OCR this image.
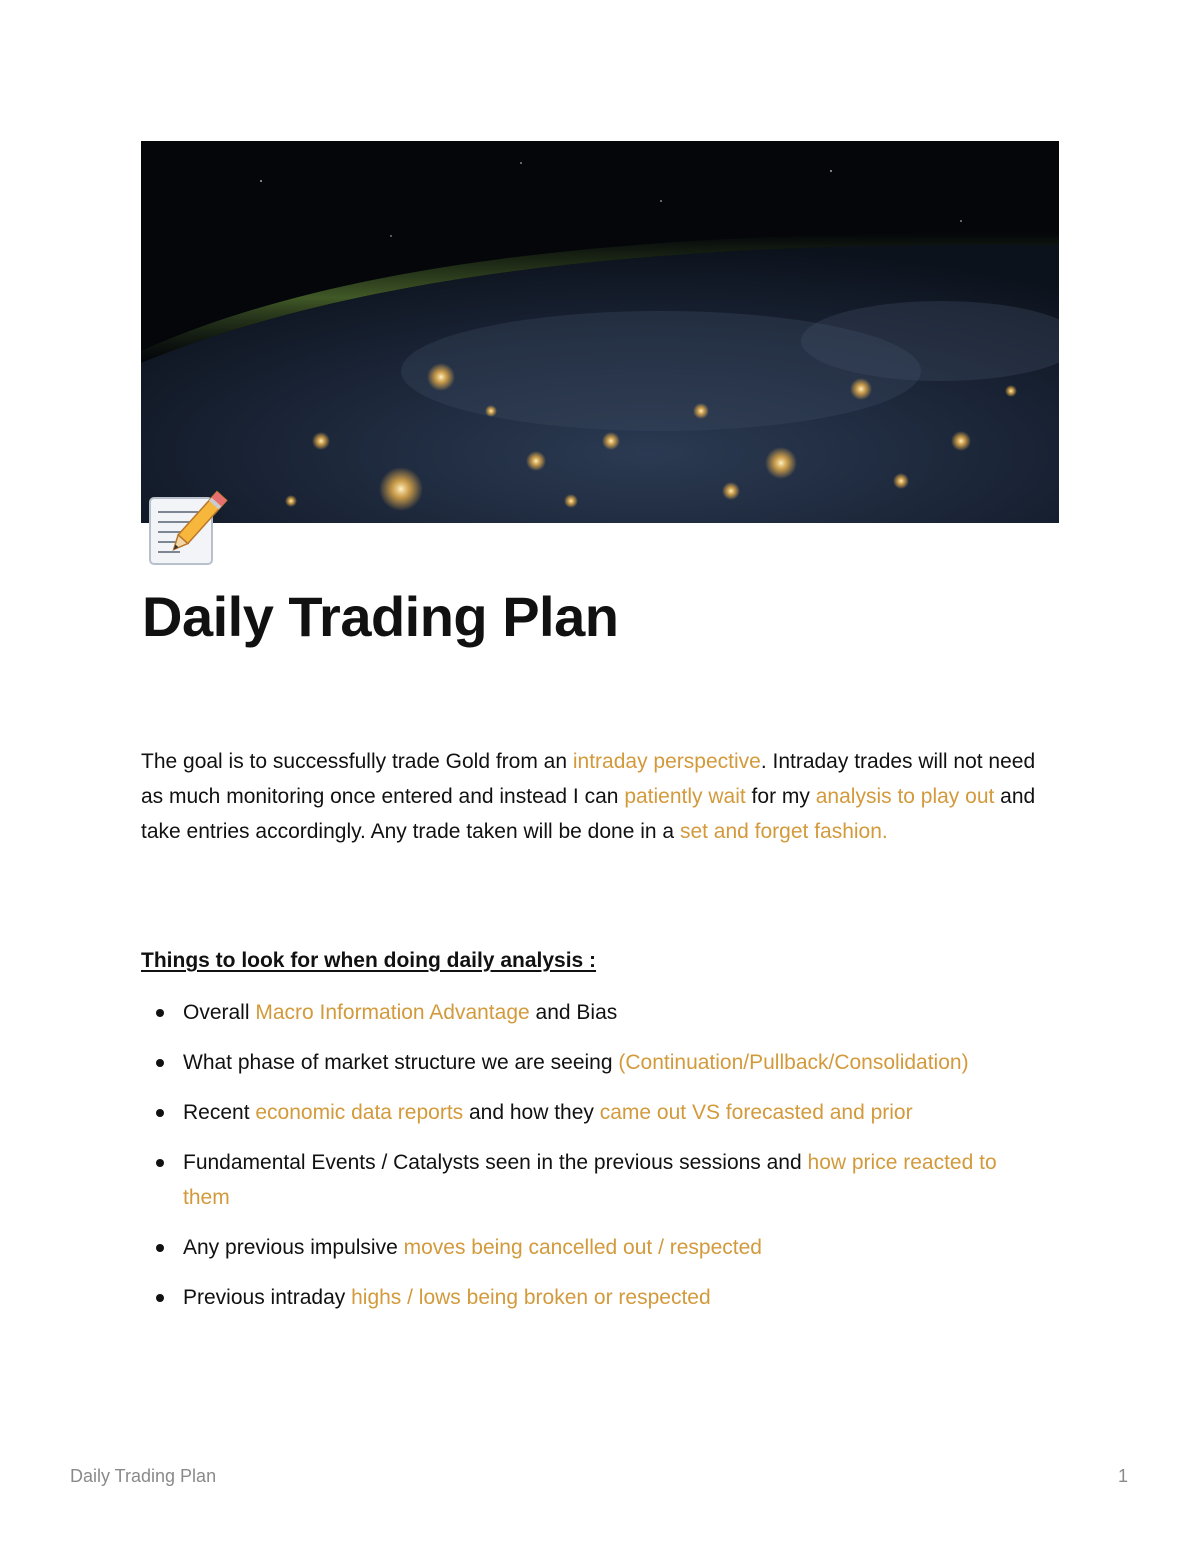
Daily Trading Plan

The goal is to successfully trade Gold from an intraday perspective. Intraday trades will not need as much monitoring once entered and instead I can patiently wait for my analysis to play out and take entries accordingly. Any trade taken will be done in a set and forget fashion.

Things to look for when doing daily analysis :
Overall Macro Information Advantage and Bias
What phase of market structure we are seeing (Continuation/Pullback/Consolidation)
Recent economic data reports and how they came out VS forecasted and prior
Fundamental Events / Catalysts seen in the previous sessions and how price reacted to them
Any previous impulsive moves being cancelled out / respected
Previous intraday highs / lows being broken or respected
Daily Trading Plan	1
